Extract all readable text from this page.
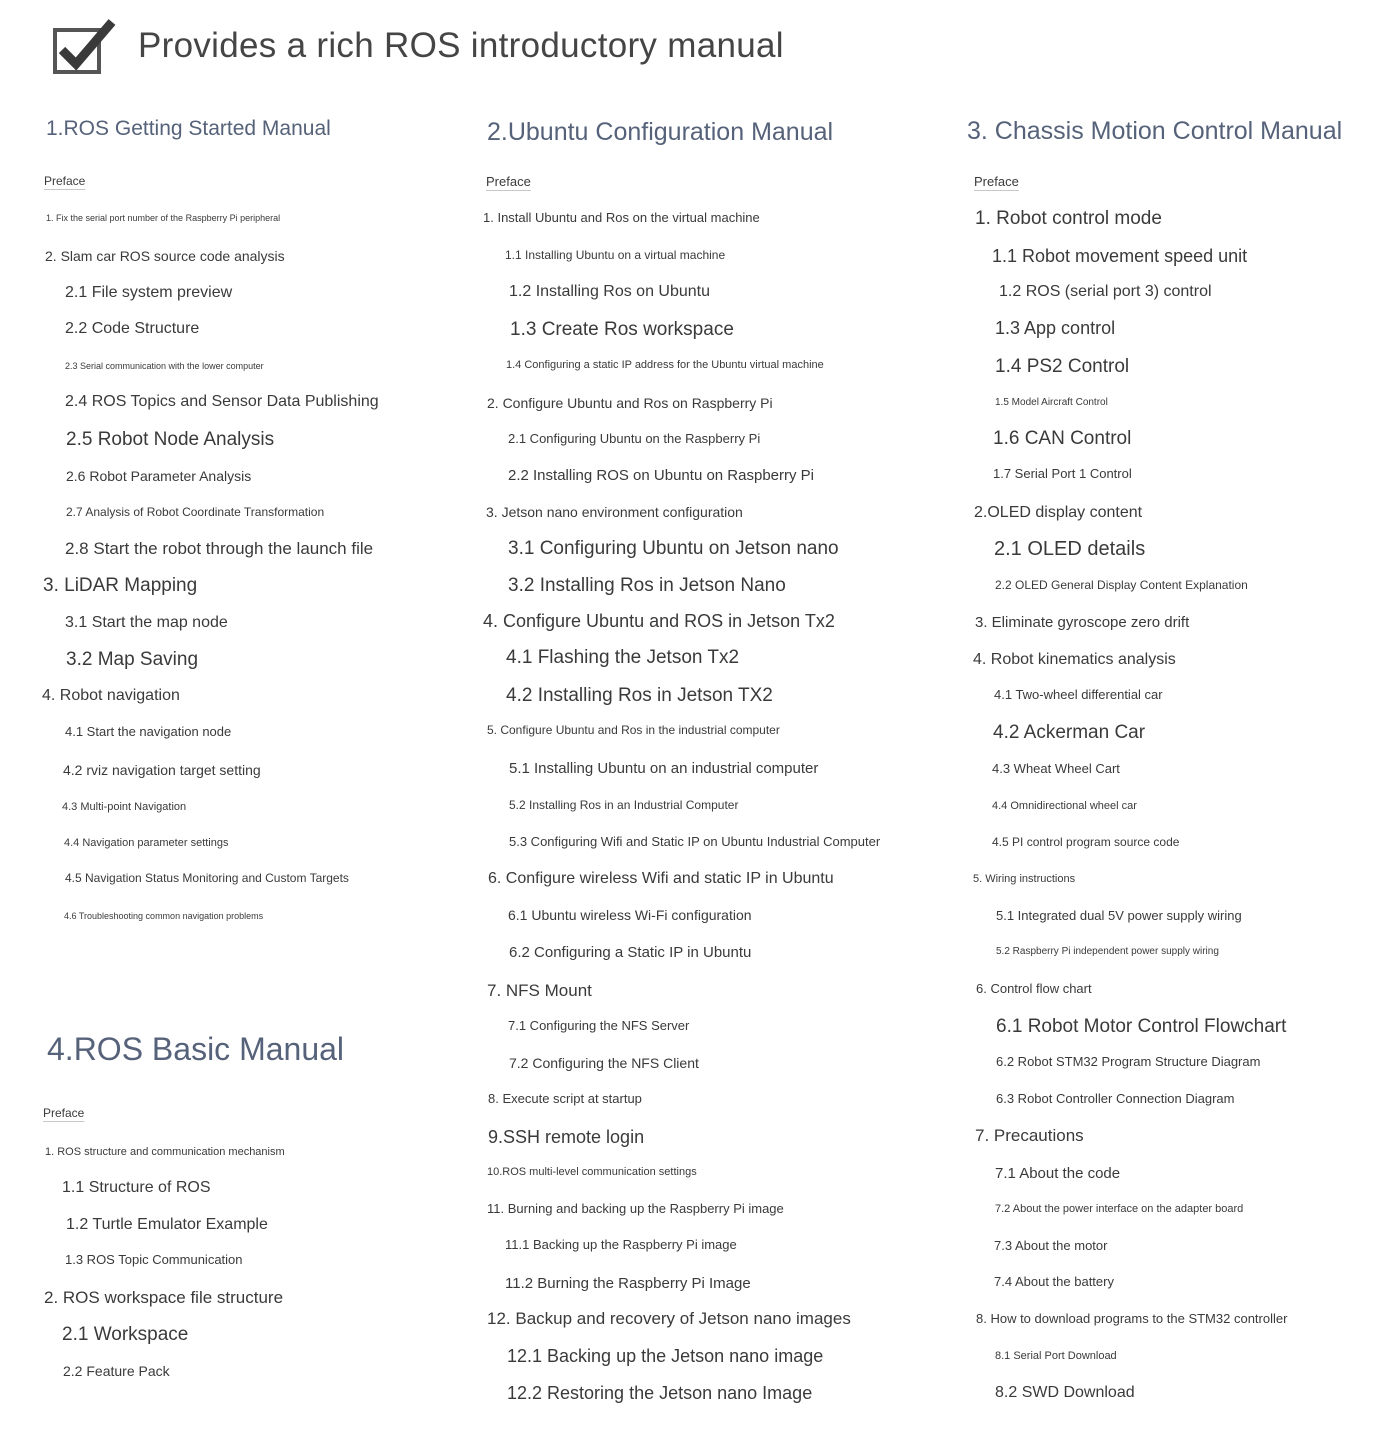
Provides a rich ROS introductory manual
1.ROS Getting Started Manual
Preface
1. Fix the serial port number of the Raspberry Pi peripheral
2. Slam car ROS source code analysis
2.1 File system preview
2.2 Code Structure
2.3 Serial communication with the lower computer
2.4 ROS Topics and Sensor Data Publishing
2.5 Robot Node Analysis
2.6 Robot Parameter Analysis
2.7 Analysis of Robot Coordinate Transformation
2.8 Start the robot through the launch file
3. LiDAR Mapping
3.1 Start the map node
3.2 Map Saving
4. Robot navigation
4.1 Start the navigation node
4.2 rviz navigation target setting
4.3 Multi-point Navigation
4.4 Navigation parameter settings
4.5 Navigation Status Monitoring and Custom Targets
4.6 Troubleshooting common navigation problems
4.ROS Basic Manual
Preface
1. ROS structure and communication mechanism
1.1 Structure of ROS
1.2 Turtle Emulator Example
1.3 ROS Topic Communication
2. ROS workspace file structure
2.1 Workspace
2.2 Feature Pack
2.Ubuntu Configuration Manual
Preface
1. Install Ubuntu and Ros on the virtual machine
1.1 Installing Ubuntu on a virtual machine
1.2 Installing Ros on Ubuntu
1.3 Create Ros workspace
1.4 Configuring a static IP address for the Ubuntu virtual machine
2. Configure Ubuntu and Ros on Raspberry Pi
2.1 Configuring Ubuntu on the Raspberry Pi
2.2 Installing ROS on Ubuntu on Raspberry Pi
3. Jetson nano environment configuration
3.1 Configuring Ubuntu on Jetson nano
3.2 Installing Ros in Jetson Nano
4. Configure Ubuntu and ROS in Jetson Tx2
4.1 Flashing the Jetson Tx2
4.2 Installing Ros in Jetson TX2
5. Configure Ubuntu and Ros in the industrial computer
5.1 Installing Ubuntu on an industrial computer
5.2 Installing Ros in an Industrial Computer
5.3 Configuring Wifi and Static IP on Ubuntu Industrial Computer
6. Configure wireless Wifi and static IP in Ubuntu
6.1 Ubuntu wireless Wi-Fi configuration
6.2 Configuring a Static IP in Ubuntu
7. NFS Mount
7.1 Configuring the NFS Server
7.2 Configuring the NFS Client
8. Execute script at startup
9.SSH remote login
10.ROS multi-level communication settings
11. Burning and backing up the Raspberry Pi image
11.1 Backing up the Raspberry Pi image
11.2 Burning the Raspberry Pi Image
12. Backup and recovery of Jetson nano images
12.1 Backing up the Jetson nano image
12.2 Restoring the Jetson nano Image
3. Chassis Motion Control Manual
Preface
1. Robot control mode
1.1 Robot movement speed unit
1.2 ROS (serial port 3) control
1.3 App control
1.4 PS2 Control
1.5 Model Aircraft Control
1.6 CAN Control
1.7 Serial Port 1 Control
2.OLED display content
2.1 OLED details
2.2 OLED General Display Content Explanation
3. Eliminate gyroscope zero drift
4. Robot kinematics analysis
4.1 Two-wheel differential car
4.2 Ackerman Car
4.3 Wheat Wheel Cart
4.4 Omnidirectional wheel car
4.5 PI control program source code
5. Wiring instructions
5.1 Integrated dual 5V power supply wiring
5.2 Raspberry Pi independent power supply wiring
6. Control flow chart
6.1 Robot Motor Control Flowchart
6.2 Robot STM32 Program Structure Diagram
6.3 Robot Controller Connection Diagram
7. Precautions
7.1 About the code
7.2 About the power interface on the adapter board
7.3 About the motor
7.4 About the battery
8. How to download programs to the STM32 controller
8.1 Serial Port Download
8.2 SWD Download
